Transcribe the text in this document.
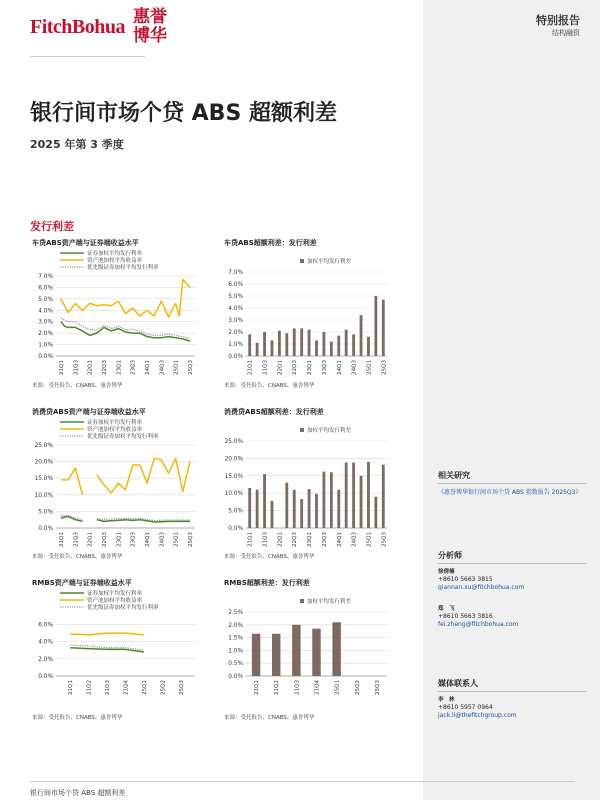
FitchBohua 惠誉
博华
特别报告
结构融资
银行间市场个贷 ABS 超额利差
2025 年第 3 季度
发行利差
车贷ABS资产端与证券端收益水平
0.0%
1.0%
2.0%
3.0%
4.0%
5.0%
6.0%
7.0%
21Q1 21Q3 22Q1 22Q3 23Q1 23Q3 24Q1 24Q3 25Q1 25Q3
证券加权平均发行利率
资产池加权平均收益率
优先级证券加权平均发行利率
来源：受托报告、CNABS、惠誉博华
车贷ABS超额利差：发行利差
0.0%
1.0%
2.0%
3.0%
4.0%
5.0%
6.0%
7.0%
加权平均发行利差
21Q1 21Q3 22Q1 22Q3 23Q1 23Q3 24Q1 24Q3 25Q1 25Q3
来源：受托报告、CNABS、惠誉博华
消费贷ABS资产端与证券端收益水平
0.0%
5.0%
10.0%
15.0%
20.0%
25.0%
21Q1 21Q3 22Q1 22Q3 23Q1 23Q3 24Q1 24Q3 25Q1 25Q3
证券加权平均发行利率
资产池加权平均收益率
优先级证券加权平均发行利率
来源：受托报告、CNABS、惠誉博华
消费贷ABS超额利差：发行利差
0.0%
5.0%
10.0%
15.0%
20.0%
25.0%
加权平均发行利差
21Q1 21Q3 22Q1 22Q3 23Q1 23Q3 24Q1 24Q3 25Q1 25Q3
来源：受托报告、CNABS、惠誉博华
RMBS资产端与证券端收益水平
0.0%
2.0%
4.0%
6.0%
21Q1 21Q2 21Q3 21Q4 25Q1 25Q2 25Q3
证券加权平均发行利率
资产池加权平均收益率
优先级证券加权平均发行利率
来源：受托报告、CNABS、惠誉博华
RMBS超额利差：发行利差
0.0%
0.5%
1.0%
1.5%
2.0%
2.5%
加权平均发行利差
21Q1	21Q2	21Q3	21Q4	25Q1	25Q2	25Q3
来源：受托报告、CNABS、惠誉博华
相关研究
《惠誉博华银行间市场个贷 ABS 指数报告 2025Q3》
分析师
徐倩楠
+8610 5663 3815
qiannan.xu@fitchbohua.com
郑　飞
+8610 5663 3816
fei.zheng@fitchbohua.com
媒体联系人
李　林
+8610 5957 0964
jack.li@thefitchgroup.com
银行间市场个贷 ABS 超额利差
